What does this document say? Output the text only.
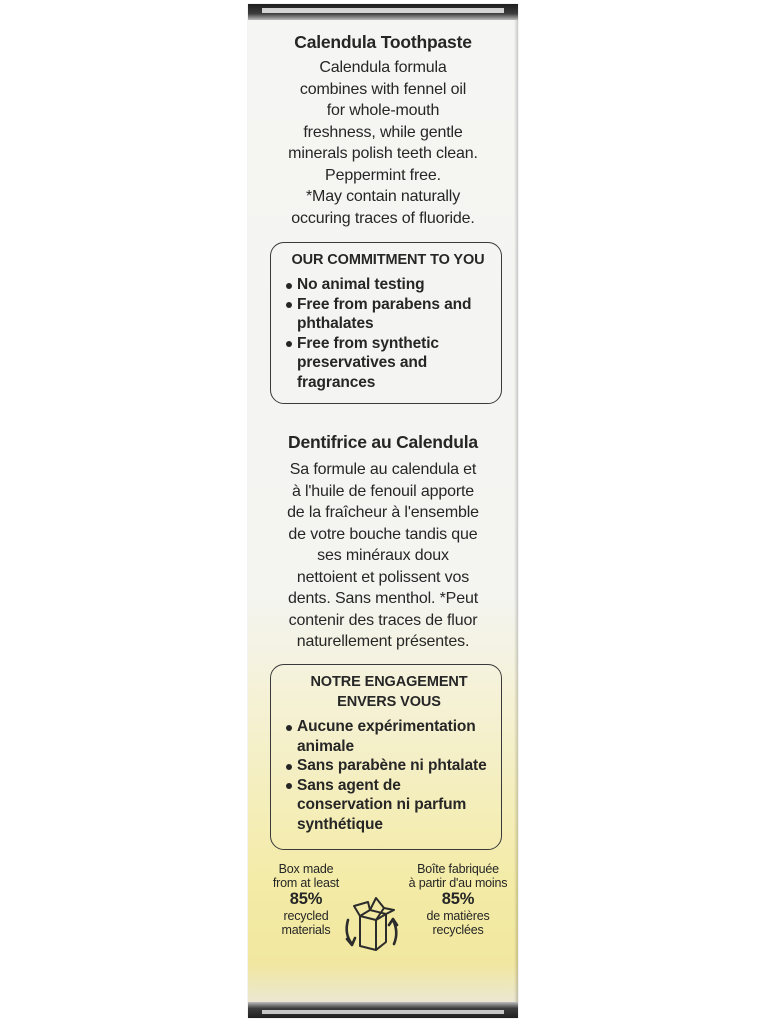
Calendula Toothpaste
Calendula formula
combines with fennel oil
for whole-mouth
freshness, while gentle
minerals polish teeth clean.
Peppermint free.
*May contain naturally
occuring traces of fluoride.

OUR COMMITMENT TO YOU

No animal testing
Free from parabens and
phthalates
Free from synthetic
preservatives and
fragrances
Dentifrice au Calendula
Sa formule au calendula et
à l'huile de fenouil apporte
de la fraîcheur à l'ensemble
de votre bouche tandis que
ses minéraux doux
nettoient et polissent vos
dents. Sans menthol. *Peut
contenir des traces de fluor
naturellement présentes.

NOTRE ENGAGEMENT

ENVERS VOUS

Aucune expérimentation
animale
Sans parabène ni phtalate
Sans agent de
conservation ni parfum
synthétique
Box made
from at least
85%
recycled
materials
Boîte fabriquée
à partir d'au moins
85%
de matières
recyclées
